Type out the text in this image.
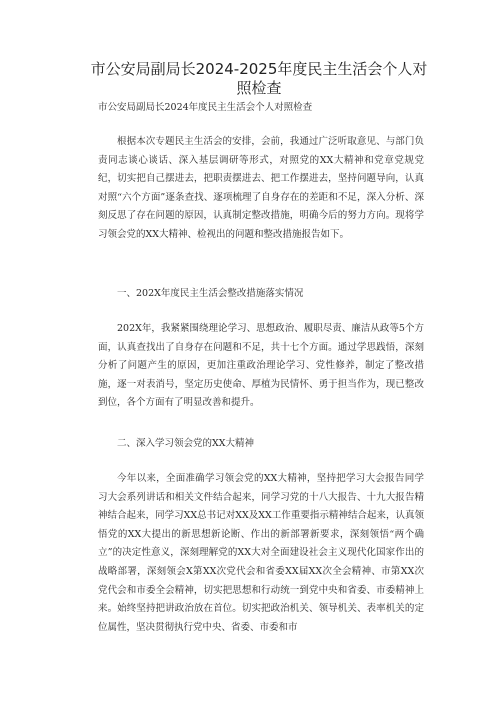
市公安局副局长2024-2025年度民主生活会个人对照检查
市公安局副局长2024年度民主生活会个人对照检查

根据本次专题民主生活会的安排，会前，我通过广泛听取意见、与部门负责同志谈心谈话、深入基层调研等形式，对照党的XX大精神和党章党规党纪，切实把自己摆进去，把职责摆进去、把工作摆进去，坚持问题导向，认真对照“六个方面”逐条查找、逐项梳理了自身存在的差距和不足，深入分析、深刻反思了存在问题的原因，认真制定整改措施，明确今后的努力方向。现将学习领会党的XX大精神、检视出的问题和整改措施报告如下。

一、202X年度民主生活会整改措施落实情况

202X年，我紧紧围绕理论学习、思想政治、履职尽责、廉洁从政等5个方面，认真查找出了自身存在问题和不足，共十七个方面。通过学思践悟，深刻分析了问题产生的原因，更加注重政治理论学习、党性修养，制定了整改措施，逐一对表消号，坚定历史使命、厚植为民情怀、勇于担当作为，现已整改到位，各个方面有了明显改善和提升。

二、深入学习领会党的XX大精神

今年以来，全面准确学习领会党的XX大精神，坚持把学习大会报告同学习大会系列讲话和相关文件结合起来，同学习党的十八大报告、十九大报告精神结合起来，同学习XX总书记对XX及XX工作重要指示精神结合起来，认真领悟党的XX大提出的新思想新论断、作出的新部署新要求，深刻领悟“两个确立”的决定性意义，深刻理解党的XX大对全面建设社会主义现代化国家作出的战略部署，深刻领会X第XX次党代会和省委XX届XX次全会精神、市第XX次党代会和市委全会精神，切实把思想和行动统一到党中央和省委、市委精神上来。始终坚持把讲政治放在首位。切实把政治机关、领导机关、表率机关的定位属性，坚决贯彻执行党中央、省委、市委和市
